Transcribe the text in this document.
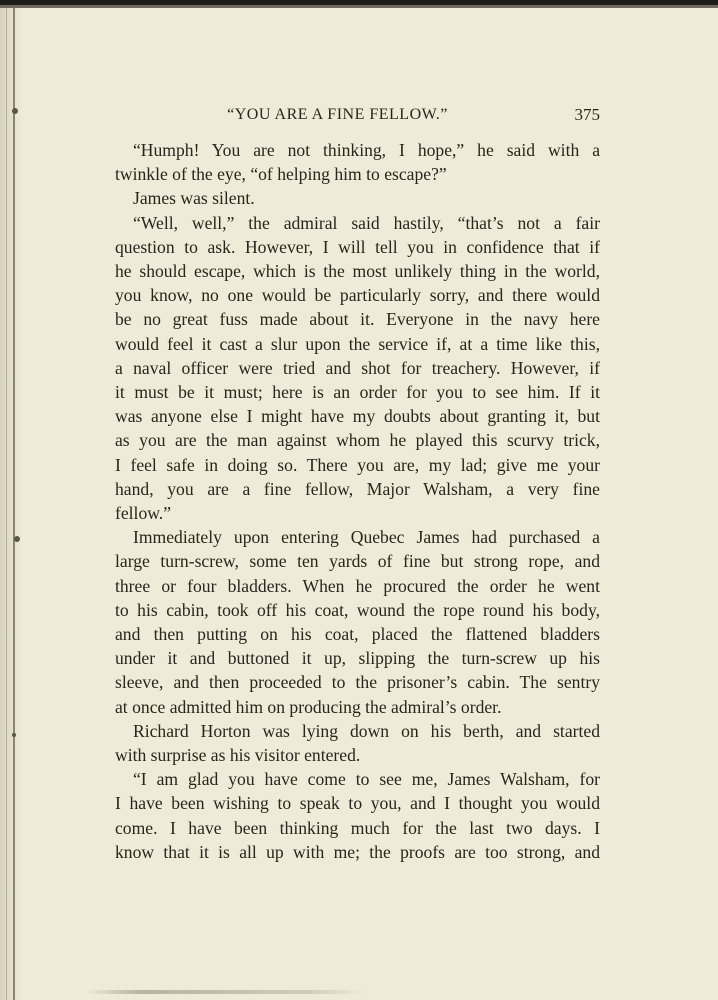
“YOU ARE A FINE FELLOW.”	375
“Humph! You are not thinking, I hope,” he said with a
twinkle of the eye, “of helping him to escape?”
James was silent.
“Well, well,” the admiral said hastily, “that’s not a fair
question to ask. However, I will tell you in confidence that if
he should escape, which is the most unlikely thing in the world,
you know, no one would be particularly sorry, and there would
be no great fuss made about it. Everyone in the navy here
would feel it cast a slur upon the service if, at a time like this,
a naval officer were tried and shot for treachery. However, if
it must be it must; here is an order for you to see him. If it
was anyone else I might have my doubts about granting it, but
as you are the man against whom he played this scurvy trick,
I feel safe in doing so. There you are, my lad; give me your
hand, you are a fine fellow, Major Walsham, a very fine
fellow.”
Immediately upon entering Quebec James had purchased a
large turn-screw, some ten yards of fine but strong rope, and
three or four bladders. When he procured the order he went
to his cabin, took off his coat, wound the rope round his body,
and then putting on his coat, placed the flattened bladders
under it and buttoned it up, slipping the turn-screw up his
sleeve, and then proceeded to the prisoner’s cabin. The sentry
at once admitted him on producing the admiral’s order.
Richard Horton was lying down on his berth, and started
with surprise as his visitor entered.
“I am glad you have come to see me, James Walsham, for
I have been wishing to speak to you, and I thought you would
come. I have been thinking much for the last two days. I
know that it is all up with me; the proofs are too strong, and
